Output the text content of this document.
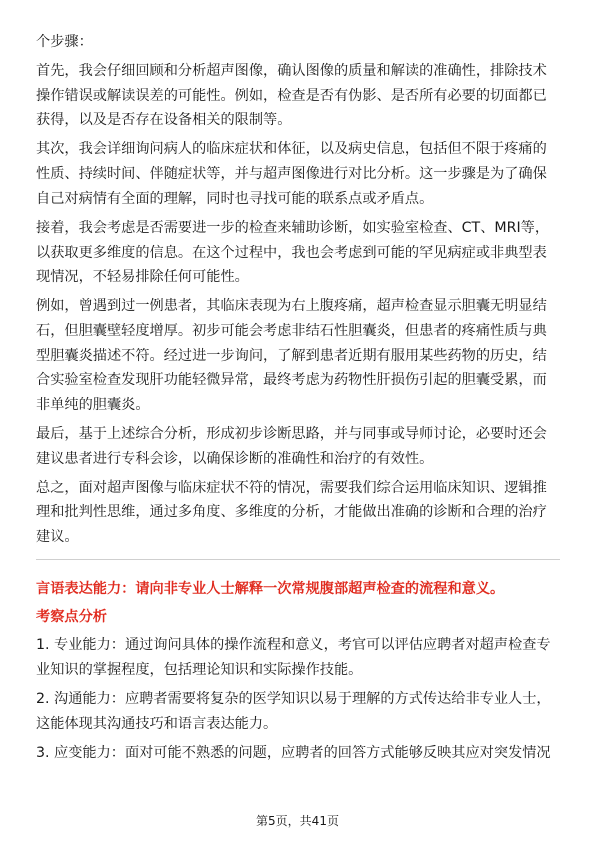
个步骤：

首先，我会仔细回顾和分析超声图像，确认图像的质量和解读的准确性，排除技术

操作错误或解读误差的可能性。例如，检查是否有伪影、是否所有必要的切面都已

获得，以及是否存在设备相关的限制等。

其次，我会详细询问病人的临床症状和体征，以及病史信息，包括但不限于疼痛的

性质、持续时间、伴随症状等，并与超声图像进行对比分析。这一步骤是为了确保

自己对病情有全面的理解，同时也寻找可能的联系点或矛盾点。

接着，我会考虑是否需要进一步的检查来辅助诊断，如实验室检查、CT、MRI等，

以获取更多维度的信息。在这个过程中，我也会考虑到可能的罕见病症或非典型表

现情况，不轻易排除任何可能性。

例如，曾遇到过一例患者，其临床表现为右上腹疼痛，超声检查显示胆囊无明显结

石，但胆囊壁轻度增厚。初步可能会考虑非结石性胆囊炎，但患者的疼痛性质与典

型胆囊炎描述不符。经过进一步询问，了解到患者近期有服用某些药物的历史，结

合实验室检查发现肝功能轻微异常，最终考虑为药物性肝损伤引起的胆囊受累，而

非单纯的胆囊炎。

最后，基于上述综合分析，形成初步诊断思路，并与同事或导师讨论，必要时还会

建议患者进行专科会诊，以确保诊断的准确性和治疗的有效性。

总之，面对超声图像与临床症状不符的情况，需要我们综合运用临床知识、逻辑推

理和批判性思维，通过多角度、多维度的分析，才能做出准确的诊断和合理的治疗

建议。

言语表达能力：请向非专业人士解释一次常规腹部超声检查的流程和意义。

考察点分析

1. 专业能力：通过询问具体的操作流程和意义，考官可以评估应聘者对超声检查专

业知识的掌握程度，包括理论知识和实际操作技能。

2. 沟通能力：应聘者需要将复杂的医学知识以易于理解的方式传达给非专业人士，

这能体现其沟通技巧和语言表达能力。

3. 应变能力：面对可能不熟悉的问题，应聘者的回答方式能够反映其应对突发情况

第5页，共41页
